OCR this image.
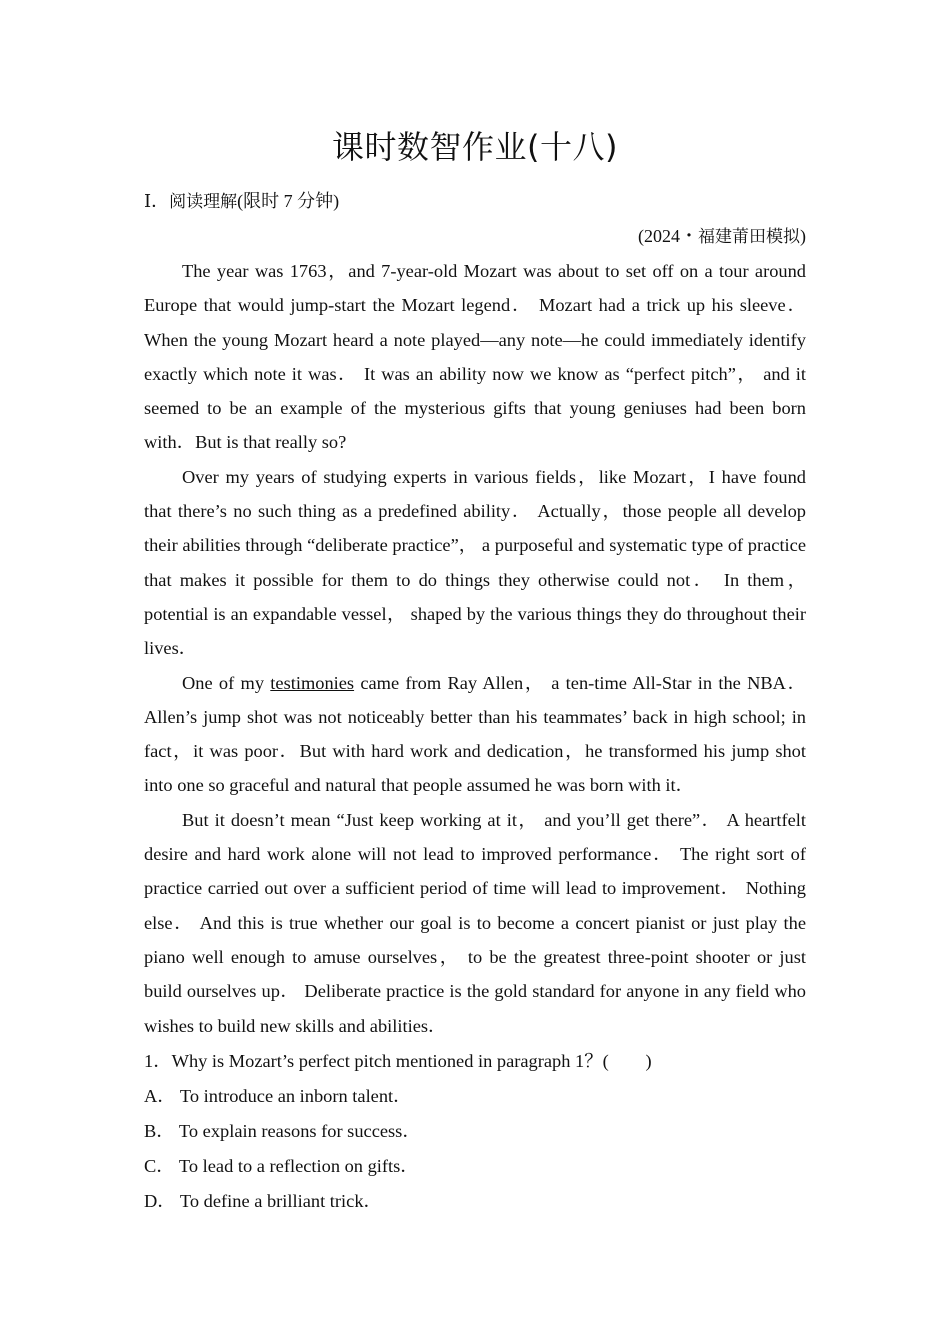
课时数智作业(十八)
Ⅰ．阅读理解(限时 7 分钟)
(2024・福建莆田模拟)

The year was 1763，and 7-year-old Mozart was about to set off on a tour around Europe that would jump-start the Mozart legend． Mozart had a trick up his sleeve． When the young Mozart heard a note played—any note—he could immediately identify exactly which note it was． It was an ability now we know as “perfect pitch”， and it seemed to be an example of the mysterious gifts that young geniuses had been born with．But is that really so?

Over my years of studying experts in various fields，like Mozart，I have found that there’s no such thing as a predefined ability． Actually，those people all develop their abilities through “deliberate practice”， a purposeful and systematic type of practice that makes it possible for them to do things they otherwise could not． In them， potential is an expandable vessel， shaped by the various things they do throughout their lives．

One of my testimonies came from Ray Allen， a ten-time All-Star in the NBA． Allen’s jump shot was not noticeably better than his teammates’ back in high school; in fact，it was poor．But with hard work and dedication，he transformed his jump shot into one so graceful and natural that people assumed he was born with it．

But it doesn’t mean “Just keep working at it， and you’ll get there”． A heartfelt desire and hard work alone will not lead to improved performance． The right sort of practice carried out over a sufficient period of time will lead to improvement． Nothing else． And this is true whether our goal is to become a concert pianist or just play the piano well enough to amuse ourselves， to be the greatest three-point shooter or just build ourselves up． Deliberate practice is the gold standard for anyone in any field who wishes to build new skills and abilities．

1．Why is Mozart’s perfect pitch mentioned in paragraph 1？(　　)
A． To introduce an inborn talent．
B． To explain reasons for success．
C． To lead to a reflection on gifts．
D． To define a brilliant trick．
